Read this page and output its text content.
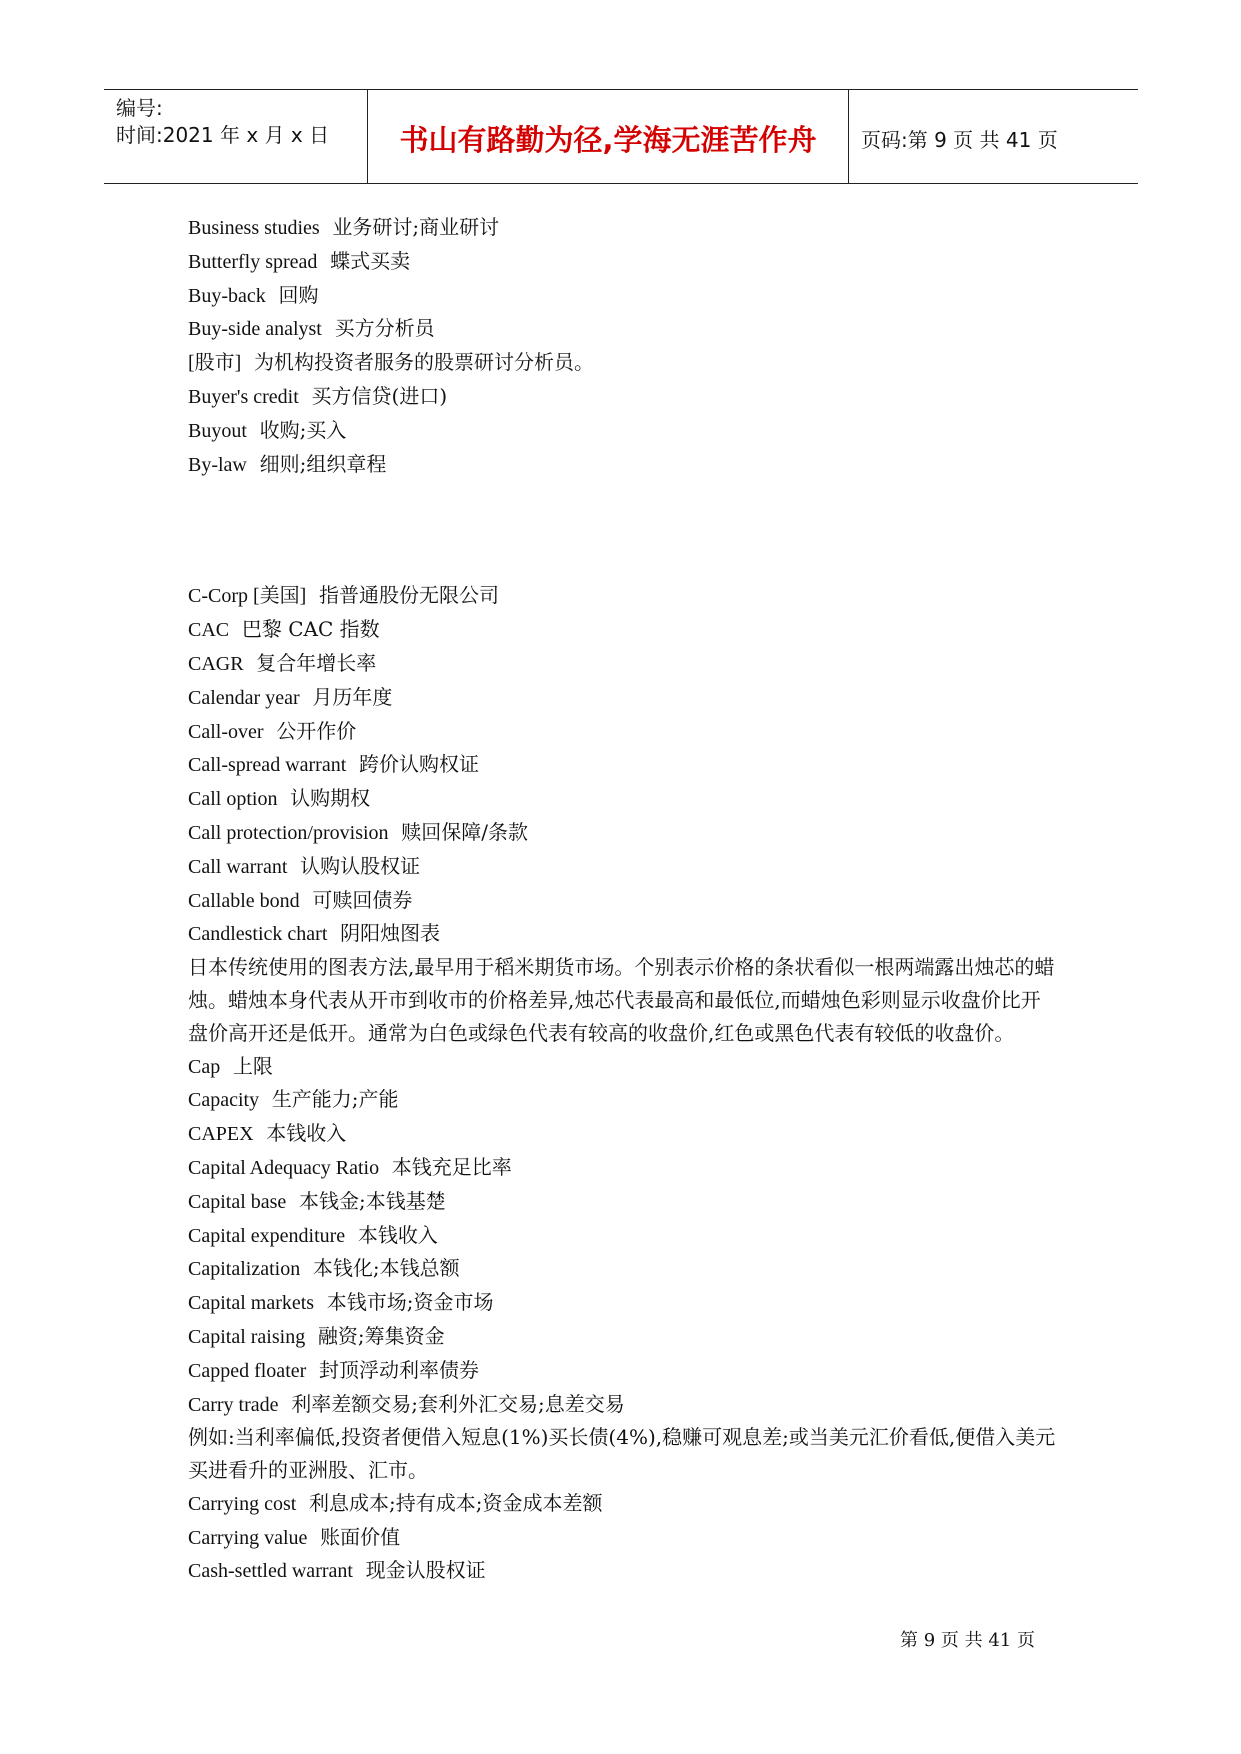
编号:
时间:2021 年 x 月 x 日	书山有路勤为径,学海无涯苦作舟	页码:第 9 页 共 41 页
Business studies 业务研讨;商业研讨
Butterfly spread 蝶式买卖
Buy-back 回购
Buy-side analyst 买方分析员
[股市] 为机构投资者服务的股票研讨分析员。
Buyer's credit 买方信贷(进口)
Buyout 收购;买入
By-law 细则;组织章程
C-Corp [美国] 指普通股份无限公司
CAC 巴黎 CAC 指数
CAGR 复合年增长率
Calendar year 月历年度
Call-over 公开作价
Call-spread warrant 跨价认购权证
Call option 认购期权
Call protection/provision 赎回保障/条款
Call warrant 认购认股权证
Callable bond 可赎回债券
Candlestick chart 阴阳烛图表
日本传统使用的图表方法,最早用于稻米期货市场。个别表示价格的条状看似一根两端露出烛芯的蜡烛。蜡烛本身代表从开市到收市的价格差异,烛芯代表最高和最低位,而蜡烛色彩则显示收盘价比开盘价高开还是低开。通常为白色或绿色代表有较高的收盘价,红色或黑色代表有较低的收盘价。
Cap 上限
Capacity 生产能力;产能
CAPEX 本钱收入
Capital Adequacy Ratio 本钱充足比率
Capital base 本钱金;本钱基楚
Capital expenditure 本钱收入
Capitalization 本钱化;本钱总额
Capital markets 本钱市场;资金市场
Capital raising 融资;筹集资金
Capped floater 封顶浮动利率债券
Carry trade 利率差额交易;套利外汇交易;息差交易
例如:当利率偏低,投资者便借入短息(1%)买长债(4%),稳赚可观息差;或当美元汇价看低,便借入美元买进看升的亚洲股、汇市。
Carrying cost 利息成本;持有成本;资金成本差额
Carrying value 账面价值
Cash-settled warrant 现金认股权证
第 9 页 共 41 页
